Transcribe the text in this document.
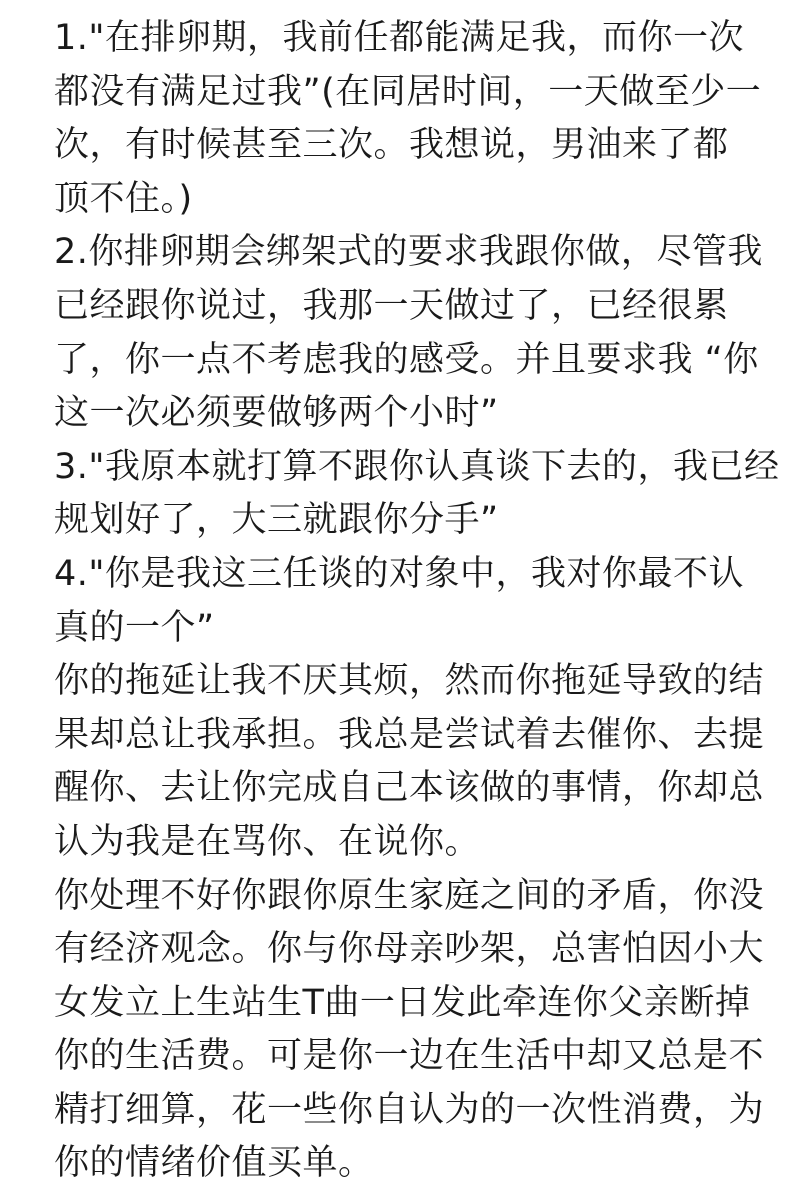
1."在排卵期，我前任都能满足我，而你一次
都没有满足过我”(在同居时间，一天做至少一
次，有时候甚至三次。我想说，男油来了都
顶不住。)
2.你排卵期会绑架式的要求我跟你做，尽管我
已经跟你说过，我那一天做过了，已经很累
了，你一点不考虑我的感受。并且要求我 “你
这一次必须要做够两个小时”
3."我原本就打算不跟你认真谈下去的，我已经
规划好了，大三就跟你分手”
4."你是我这三任谈的对象中，我对你最不认
真的一个”
你的拖延让我不厌其烦，然而你拖延导致的结
果却总让我承担。我总是尝试着去催你、去提
醒你、去让你完成自己本该做的事情，你却总
认为我是在骂你、在说你。
你处理不好你跟你原生家庭之间的矛盾，你没
有经济观念。你与你母亲吵架，总害怕因小大
女发立上生站生T曲一日发此牵连你父亲断掉
你的生活费。可是你一边在生活中却又总是不
精打细算，花一些你自认为的一次性消费，为
你的情绪价值买单。
